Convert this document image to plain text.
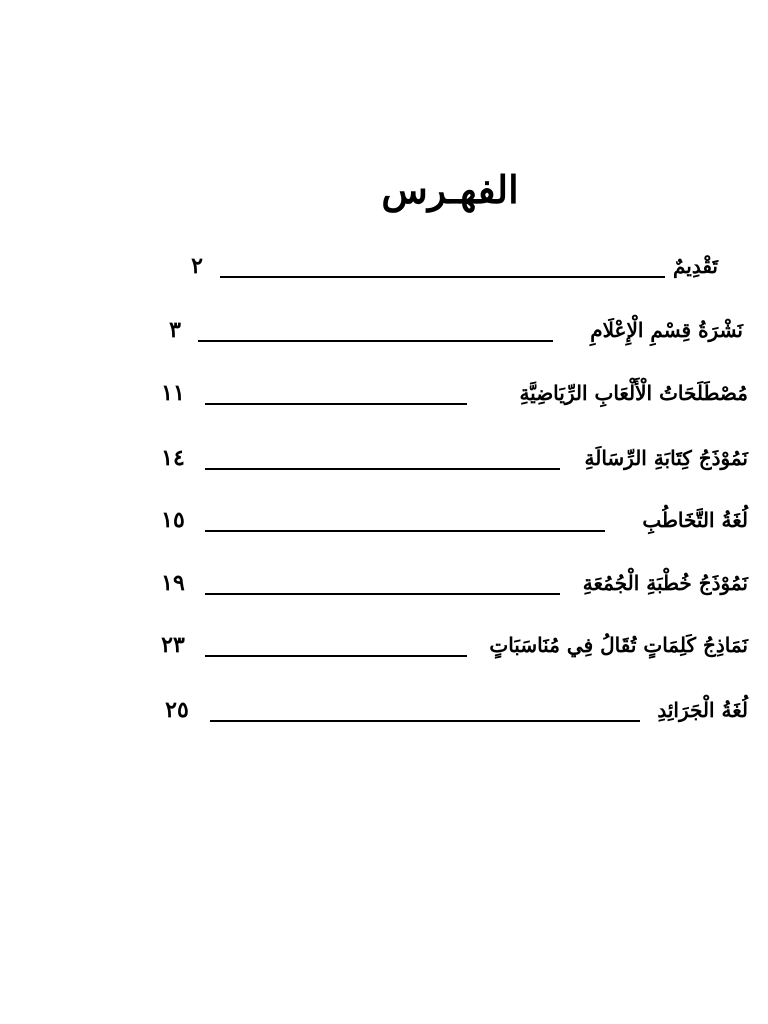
الفهـرس
تَقْدِيمٌ
٢
نَشْرَةُ قِسْمِ الْإِعْلَامِ
٣
مُصْطَلَحَاتُ الْأَلْعَابِ الرِّيَاضِيَّةِ
١١
نَمُوْذَجُ كِتَابَةِ الرِّسَالَةِ
١٤
لُغَةُ التَّخَاطُبِ
١٥
نَمُوْذَجُ خُطْبَةِ الْجُمُعَةِ
١٩
نَمَاذِجُ كَلِمَاتٍ تُقَالُ فِي مُنَاسَبَاتٍ
٢٣
لُغَةُ الْجَرَائِدِ
٢٥
